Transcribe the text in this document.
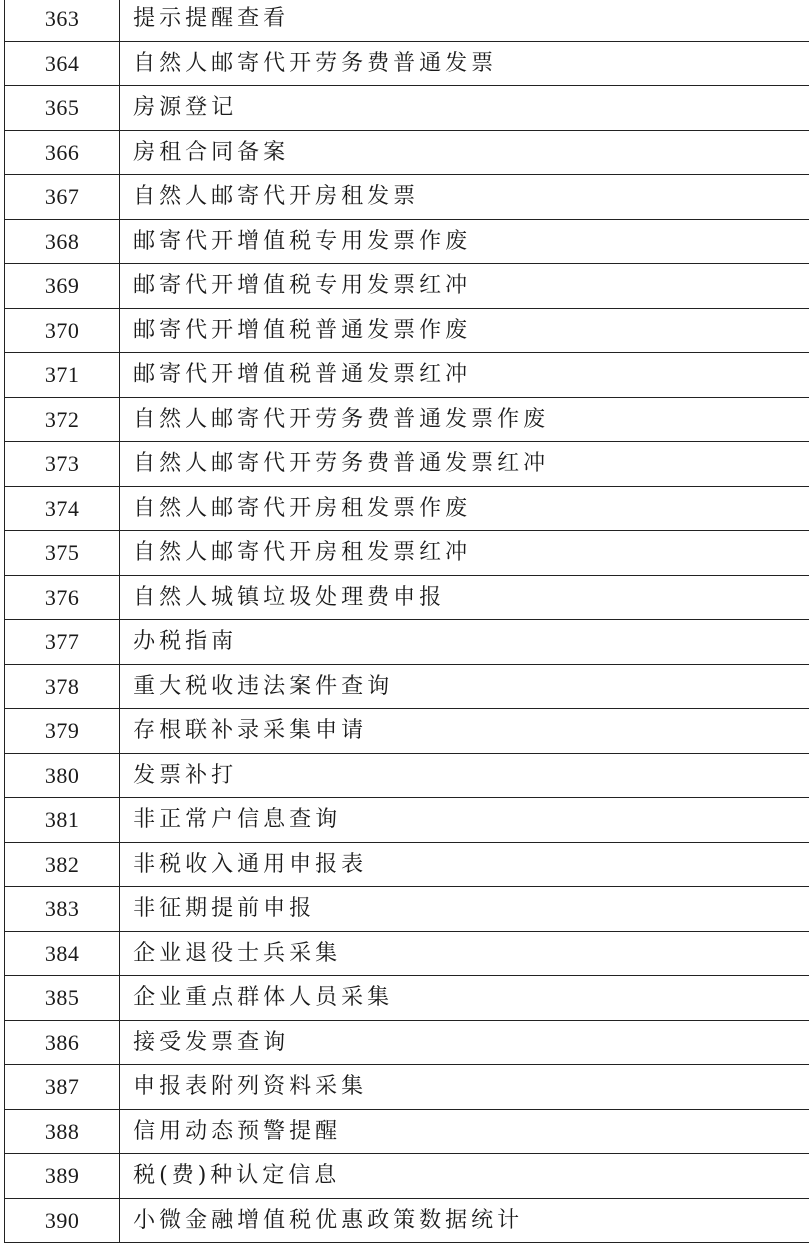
363	提示提醒查看
364	自然人邮寄代开劳务费普通发票
365	房源登记
366	房租合同备案
367	自然人邮寄代开房租发票
368	邮寄代开增值税专用发票作废
369	邮寄代开增值税专用发票红冲
370	邮寄代开增值税普通发票作废
371	邮寄代开增值税普通发票红冲
372	自然人邮寄代开劳务费普通发票作废
373	自然人邮寄代开劳务费普通发票红冲
374	自然人邮寄代开房租发票作废
375	自然人邮寄代开房租发票红冲
376	自然人城镇垃圾处理费申报
377	办税指南
378	重大税收违法案件查询
379	存根联补录采集申请
380	发票补打
381	非正常户信息查询
382	非税收入通用申报表
383	非征期提前申报
384	企业退役士兵采集
385	企业重点群体人员采集
386	接受发票查询
387	申报表附列资料采集
388	信用动态预警提醒
389	税(费)种认定信息
390	小微金融增值税优惠政策数据统计
